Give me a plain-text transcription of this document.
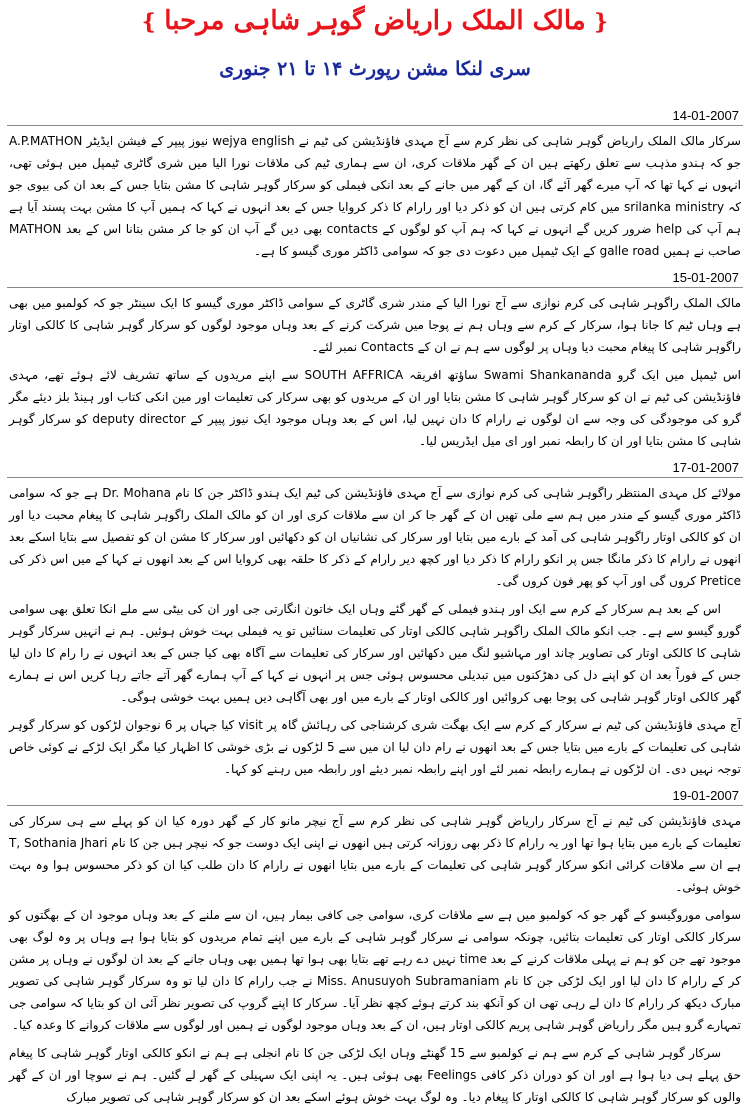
❴ مالک الملک راریاض گوہر شاہی مرحبا ❵
سری لنکا مشن رپورٹ ۱۴ تا ۲۱ جنوری
14-01-2007

سرکار مالک الملک راریاض گوہر شاہی کی نظر کرم سے آج مہدی فاؤنڈیشن کی ٹیم نے wejya english نیوز پیپر کے فیشن ایڈیٹر A.P.MATHON جو کہ ہندو مذہب سے تعلق رکھتے ہیں ان کے گھر ملاقات کری، ان سے ہماری ٹیم کی ملاقات نورا الیا میں شری گاٹری ٹیمپل میں ہوئی تھی، انہوں نے کہا تھا کہ آپ میرے گھر آئے گا، ان کے گھر میں جانے کے بعد انکی فیملی کو سرکار گوہر شاہی کا مشن بتایا جس کے بعد ان کی بیوی جو کہ srilanka ministry میں کام کرتی ہیں ان کو ذکر دیا اور رارام کا ذکر کروایا جس کے بعد انہوں نے کہا کہ ہمیں آپ کا مشن بہت پسند آیا ہے ہم آپ کی help ضرور کریں گے انہوں نے کہا کہ ہم آپ کو لوگوں کے contacts بھی دیں گے آپ ان کو جا کر مشن بتانا اس کے بعد MATHON صاحب نے ہمیں galle road کے ایک ٹیمپل میں دعوت دی جو کہ سوامی ڈاکٹر موری گیسو کا ہے۔

15-01-2007

مالک الملک راگوہر شاہی کی کرم نوازی سے آج نورا الیا کے مندر شری گاٹری کے سوامی ڈاکٹر موری گیسو کا ایک سینٹر جو کہ کولمبو میں بھی ہے وہاں ٹیم کا جانا ہوا، سرکار کے کرم سے وہاں ہم نے پوجا میں شرکت کرنے کے بعد وہاں موجود لوگوں کو سرکار گوہر شاہی کا کالکی اوتار راگوہر شاہی کا پیغام محبت دیا وہاں پر لوگوں سے ہم نے ان کے Contacts نمبر لئے۔

اس ٹیمپل میں ایک گرو Swami Shankananda ساؤتھ افریقہ SOUTH AFFRICA سے اپنے مریدوں کے ساتھ تشریف لائے ہوئے تھے، مہدی فاؤنڈیشن کی ٹیم نے ان کو سرکار گوہر شاہی کا مشن بتایا اور ان کے مریدوں کو بھی سرکار کی تعلیمات اور مین انکی کتاب اور ہینڈ بلز دیئے مگر گرو کی موجودگی کی وجہ سے ان لوگوں نے رارام کا دان نہیں لیا، اس کے بعد وہاں موجود ایک نیوز پیپر کے deputy director کو سرکار گوہر شاہی کا مشن بتایا اور ان کا رابطہ نمبر اور ای میل ایڈریس لیا۔

17-01-2007

مولائے کل مہدی المنتظر راگوہر شاہی کی کرم نوازی سے آج مہدی فاؤنڈیشن کی ٹیم ایک ہندو ڈاکٹر جن کا نام Dr. Mohana ہے جو کہ سوامی ڈاکٹر موری گیسو کے مندر میں ہم سے ملی تھیں ان کے گھر جا کر ان سے ملاقات کری اور ان کو مالک الملک راگوہر شاہی کا پیغام محبت دیا اور ان کو کالکی اوتار راگوہر شاہی کی آمد کے بارے میں بتایا اور سرکار کی نشانیاں ان کو دکھائیں اور سرکار کا مشن ان کو تفصیل سے بتایا اسکے بعد انھوں نے رارام کا ذکر مانگا جس پر انکو رارام کا ذکر دیا اور کچھ دیر رارام کے ذکر کا حلقہ بھی کروایا اس کے بعد انھوں نے کہا کے میں اس ذکر کی Pretice کروں گی اور آپ کو پھر فون کروں گی۔

اس کے بعد ہم سرکار کے کرم سے ایک اور ہندو فیملی کے گھر گئے وہاں ایک خاتون انگارتی جی اور ان کی بیٹی سے ملے انکا تعلق بھی سوامی گورو گیسو سے ہے۔ جب انکو مالک الملک راگوہر شاہی کالکی اوتار کی تعلیمات سنائیں تو یہ فیملی بہت خوش ہوئیں۔ ہم نے انہیں سرکار گوہر شاہی کا کالکی اوتار کی تصاویر چاند اور مہاشیو لنگ میں دکھائیں اور سرکار کی تعلیمات سے آگاہ بھی کیا جس کے بعد انہوں نے را رام کا دان لیا جس کے فوراً بعد ان کو اپنے دل کی دھڑکنوں میں تبدیلی محسوس ہوئی جس پر انہوں نے کہا کے آپ ہمارے گھر آتے جاتے رہا کریں اس نے ہمارے گھر کالکی اوتار گوہر شاہی کی پوجا بھی کروائیں اور کالکی اوتار کے بارے میں اور بھی آگاہی دیں ہمیں بہت خوشی ہوگی۔

آج مہدی فاؤنڈیشن کی ٹیم نے سرکار کے کرم سے ایک بھگت شری کرشناجی کی رہائش گاہ پر visit کیا جہاں پر 6 نوجوان لڑکوں کو سرکار گوہر شاہی کی تعلیمات کے بارے میں بتایا جس کے بعد انھوں نے رام دان لیا ان میں سے 5 لڑکوں نے بڑی خوشی کا اظہار کیا مگر ایک لڑکے نے کوئی خاص توجہ نہیں دی۔ ان لڑکوں نے ہمارے رابطہ نمبر لئے اور اپنے رابطہ نمبر دیئے اور رابطہ میں رہنے کو کہا۔

19-01-2007

مہدی فاؤنڈیشن کی ٹیم نے آج سرکار راریاض گوہر شاہی کی نظر کرم سے آج نیچر مانو کار کے گھر دورہ کیا ان کو پہلے سے ہی سرکار کی تعلیمات کے بارے میں بتایا ہوا تھا اور یہ رارام کا ذکر بھی روزانہ کرتی ہیں انھوں نے اپنی ایک دوست جو کہ نیچر ہیں جن کا نام T, Sothania Jhari ہے ان سے ملاقات کرائی انکو سرکار گوہر شاہی کی تعلیمات کے بارے میں بتایا انھوں نے رارام کا دان طلب کیا ان کو ذکر محسوس ہوا وہ بہت خوش ہوئی۔

سوامی موروگیسو کے گھر جو کہ کولمبو میں ہے سے ملاقات کری، سوامی جی کافی بیمار ہیں، ان سے ملنے کے بعد وہاں موجود ان کے بھگتوں کو سرکار کالکی اوتار کی تعلیمات بتائیں، چونکہ سوامی نے سرکار گوہر شاہی کے بارے میں اپنے تمام مریدوں کو بتایا ہوا ہے وہاں پر وہ لوگ بھی موجود تھے جن کو ہم نے پہلی ملاقات کرنے کے بعد time نہیں دے رہے تھے بتایا بھی ہوا تھا ہمیں بھی وہاں جانے کے بعد ان لوگوں نے وہاں پر مشن کر کے رارام کا دان لیا اور ایک لڑکی جن کا نام Miss. Anusuyoh Subramaniam نے جب رارام کا دان لیا تو وہ سرکار گوہر شاہی کی تصویر مبارک دیکھ کر رارام کا دان لے رہی تھی ان کو آنکھ بند کرتے ہوئے کچھ نظر آیا۔ سرکار کا اپنے گروپ کی تصویر نظر آئی ان کو بتایا کہ سوامی جی تمہارے گرو ہیں مگر راریاض گوہر شاہی پریم کالکی اوتار ہیں، ان کے بعد وہاں موجود لوگوں نے ہمیں اور لوگوں سے ملاقات کروانے کا وعدہ کیا۔

سرکار گوہر شاہی کے کرم سے ہم نے کولمبو سے 15 گھنٹے وہاں ایک لڑکی جن کا نام انجلی ہے ہم نے انکو کالکی اوتار گوہر شاہی کا پیغام حق پہلے ہی دیا ہوا ہے اور ان کو دوران ذکر کافی Feelings بھی ہوئی ہیں۔ یہ اپنی ایک سہیلی کے گھر لے گئیں۔ ہم نے سوچا اور ان کے گھر والوں کو سرکار گوہر شاہی کا کالکی اوتار کا پیغام دیا۔ وہ لوگ بہت خوش ہوئے اسکے بعد ان کو سرکار گوہر شاہی کی تصویر مبارک
